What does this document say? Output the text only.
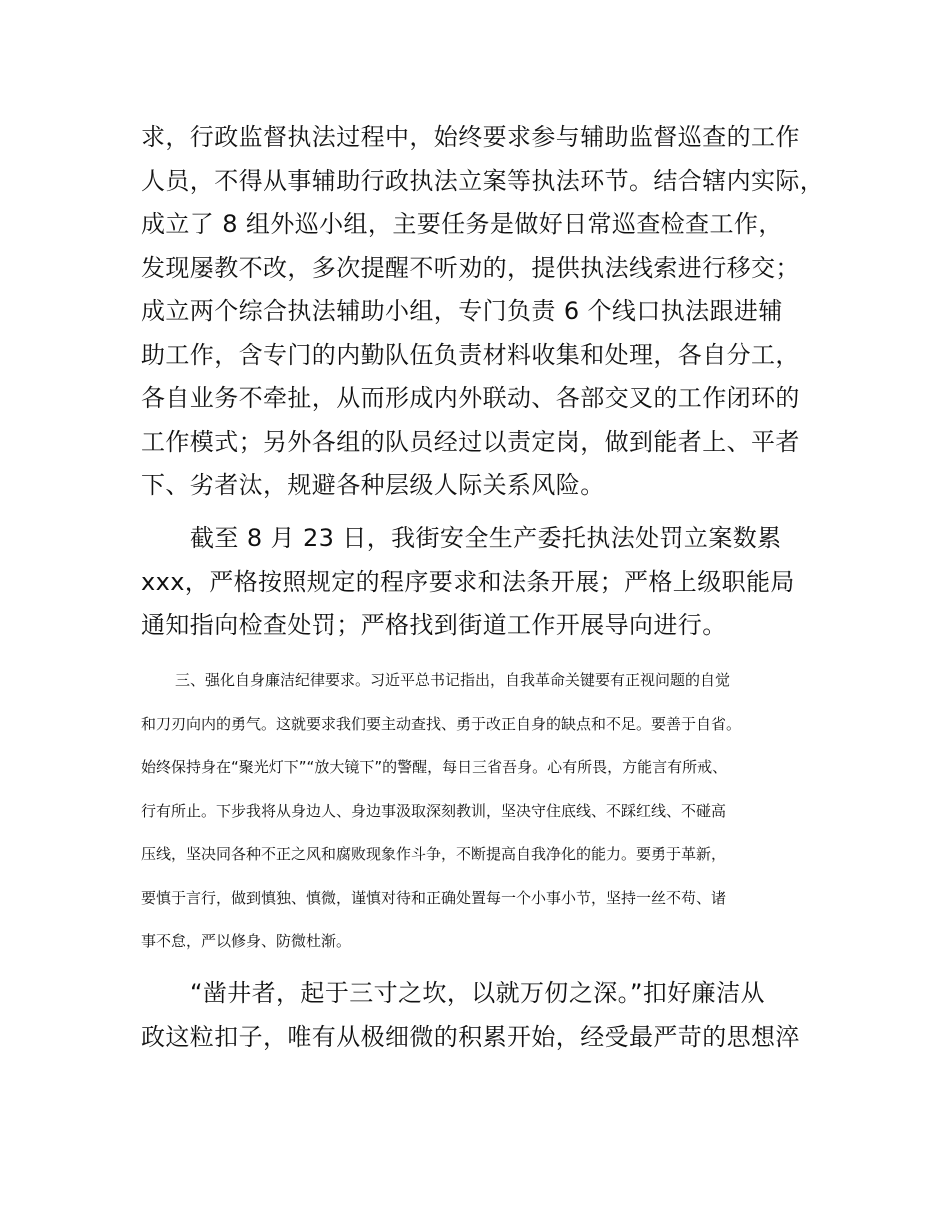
求，行政监督执法过程中，始终要求参与辅助监督巡查的工作
人员，不得从事辅助行政执法立案等执法环节。结合辖内实际，
成立了 8 组外巡小组，主要任务是做好日常巡查检查工作，
发现屡教不改，多次提醒不听劝的，提供执法线索进行移交；
成立两个综合执法辅助小组，专门负责 6 个线口执法跟进辅
助工作，含专门的内勤队伍负责材料收集和处理，各自分工，
各自业务不牵扯，从而形成内外联动、各部交叉的工作闭环的
工作模式；另外各组的队员经过以责定岗，做到能者上、平者
下、劣者汰，规避各种层级人际关系风险。
截至 8 月 23 日，我街安全生产委托执法处罚立案数累
xxx，严格按照规定的程序要求和法条开展；严格上级职能局
通知指向检查处罚；严格找到街道工作开展导向进行。
三、强化自身廉洁纪律要求。习近平总书记指出，自我革命关键要有正视问题的自觉
和刀刃向内的勇气。这就要求我们要主动查找、勇于改正自身的缺点和不足。要善于自省。
始终保持身在“聚光灯下”“放大镜下”的警醒，每日三省吾身。心有所畏，方能言有所戒、
行有所止。下步我将从身边人、身边事汲取深刻教训，坚决守住底线、不踩红线、不碰高
压线，坚决同各种不正之风和腐败现象作斗争，不断提高自我净化的能力。要勇于革新，
要慎于言行，做到慎独、慎微，谨慎对待和正确处置每一个小事小节，坚持一丝不苟、诸
事不怠，严以修身、防微杜渐。
“凿井者，起于三寸之坎，以就万仞之深。”扣好廉洁从
政这粒扣子，唯有从极细微的积累开始，经受最严苛的思想淬
